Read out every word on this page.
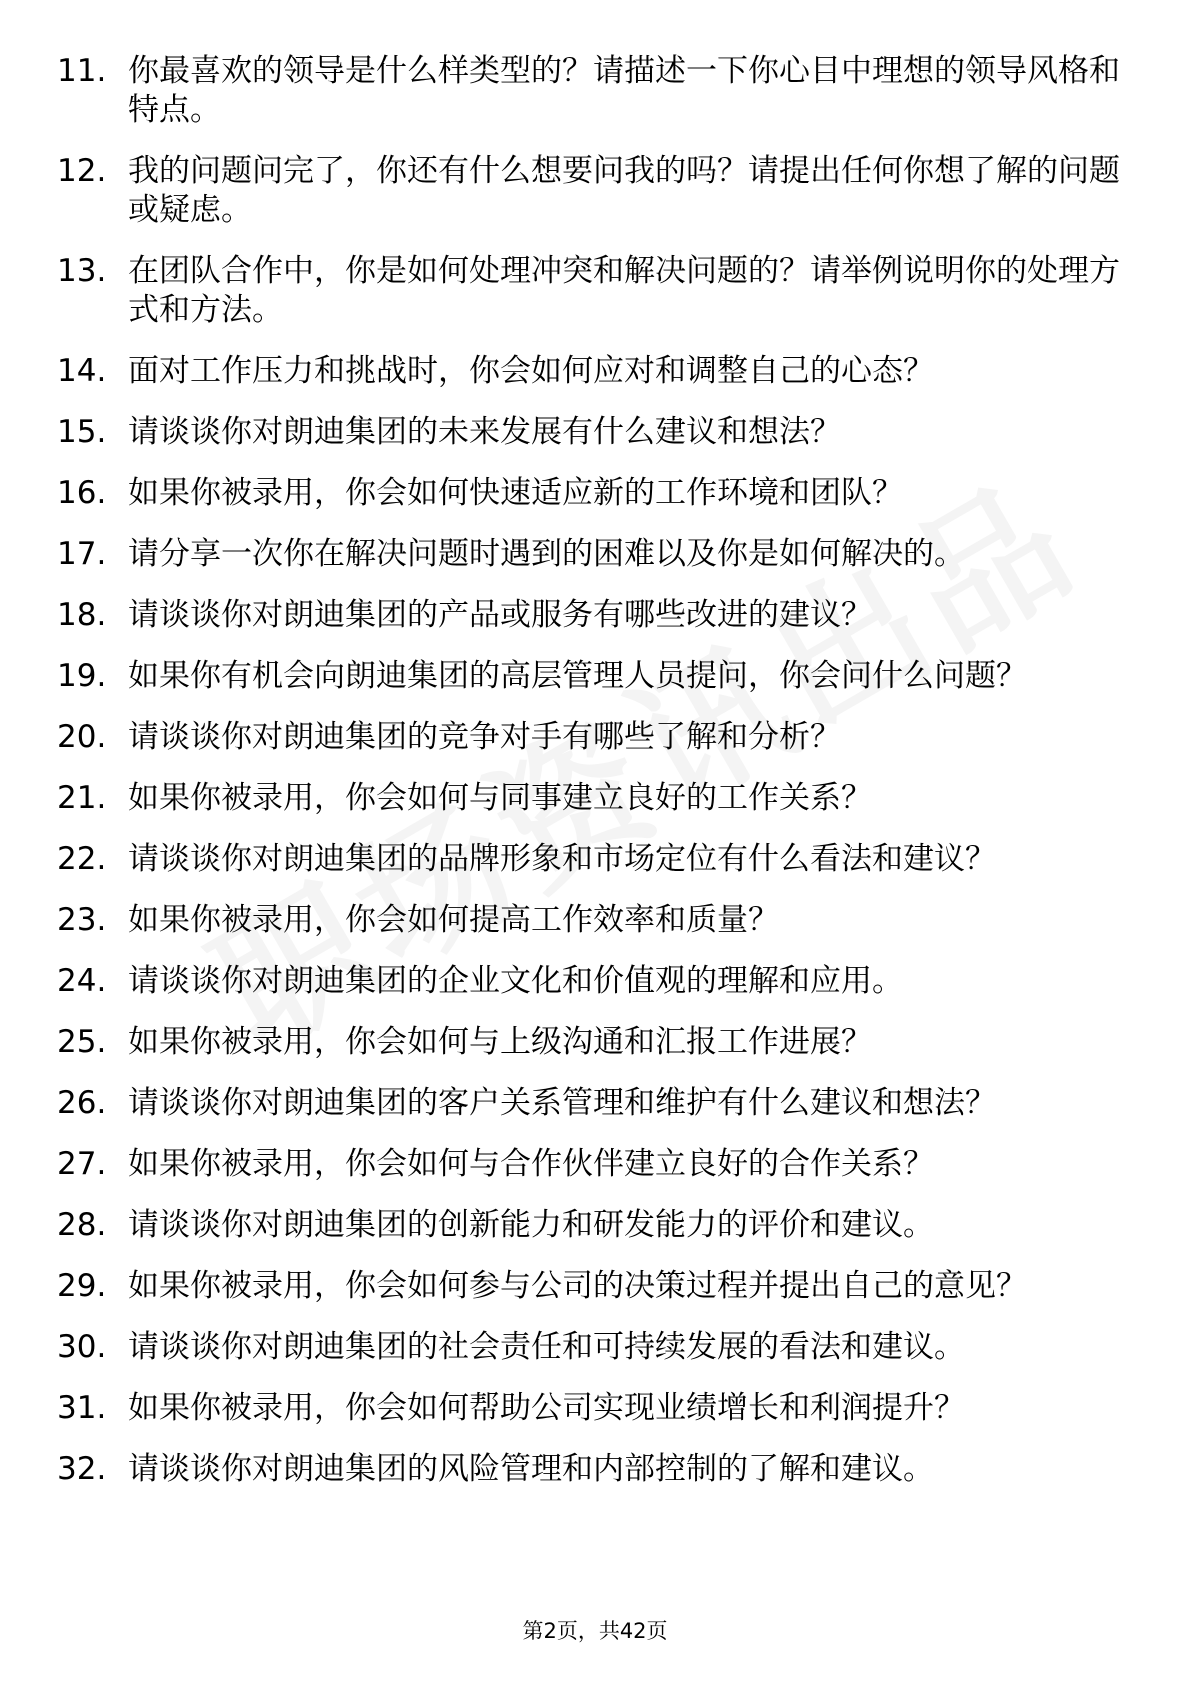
11. 你最喜欢的领导是什么样类型的？请描述一下你心目中理想的领导风格和特点。
12. 我的问题问完了，你还有什么想要问我的吗？请提出任何你想了解的问题或疑虑。
13. 在团队合作中，你是如何处理冲突和解决问题的？请举例说明你的处理方式和方法。
14. 面对工作压力和挑战时，你会如何应对和调整自己的心态？
15. 请谈谈你对朗迪集团的未来发展有什么建议和想法？
16. 如果你被录用，你会如何快速适应新的工作环境和团队？
17. 请分享一次你在解决问题时遇到的困难以及你是如何解决的。
18. 请谈谈你对朗迪集团的产品或服务有哪些改进的建议？
19. 如果你有机会向朗迪集团的高层管理人员提问，你会问什么问题？
20. 请谈谈你对朗迪集团的竞争对手有哪些了解和分析？
21. 如果你被录用，你会如何与同事建立良好的工作关系？
22. 请谈谈你对朗迪集团的品牌形象和市场定位有什么看法和建议？
23. 如果你被录用，你会如何提高工作效率和质量？
24. 请谈谈你对朗迪集团的企业文化和价值观的理解和应用。
25. 如果你被录用，你会如何与上级沟通和汇报工作进展？
26. 请谈谈你对朗迪集团的客户关系管理和维护有什么建议和想法？
27. 如果你被录用，你会如何与合作伙伴建立良好的合作关系？
28. 请谈谈你对朗迪集团的创新能力和研发能力的评价和建议。
29. 如果你被录用，你会如何参与公司的决策过程并提出自己的意见？
30. 请谈谈你对朗迪集团的社会责任和可持续发展的看法和建议。
31. 如果你被录用，你会如何帮助公司实现业绩增长和利润提升？
32. 请谈谈你对朗迪集团的风险管理和内部控制的了解和建议。
第2页，共42页
